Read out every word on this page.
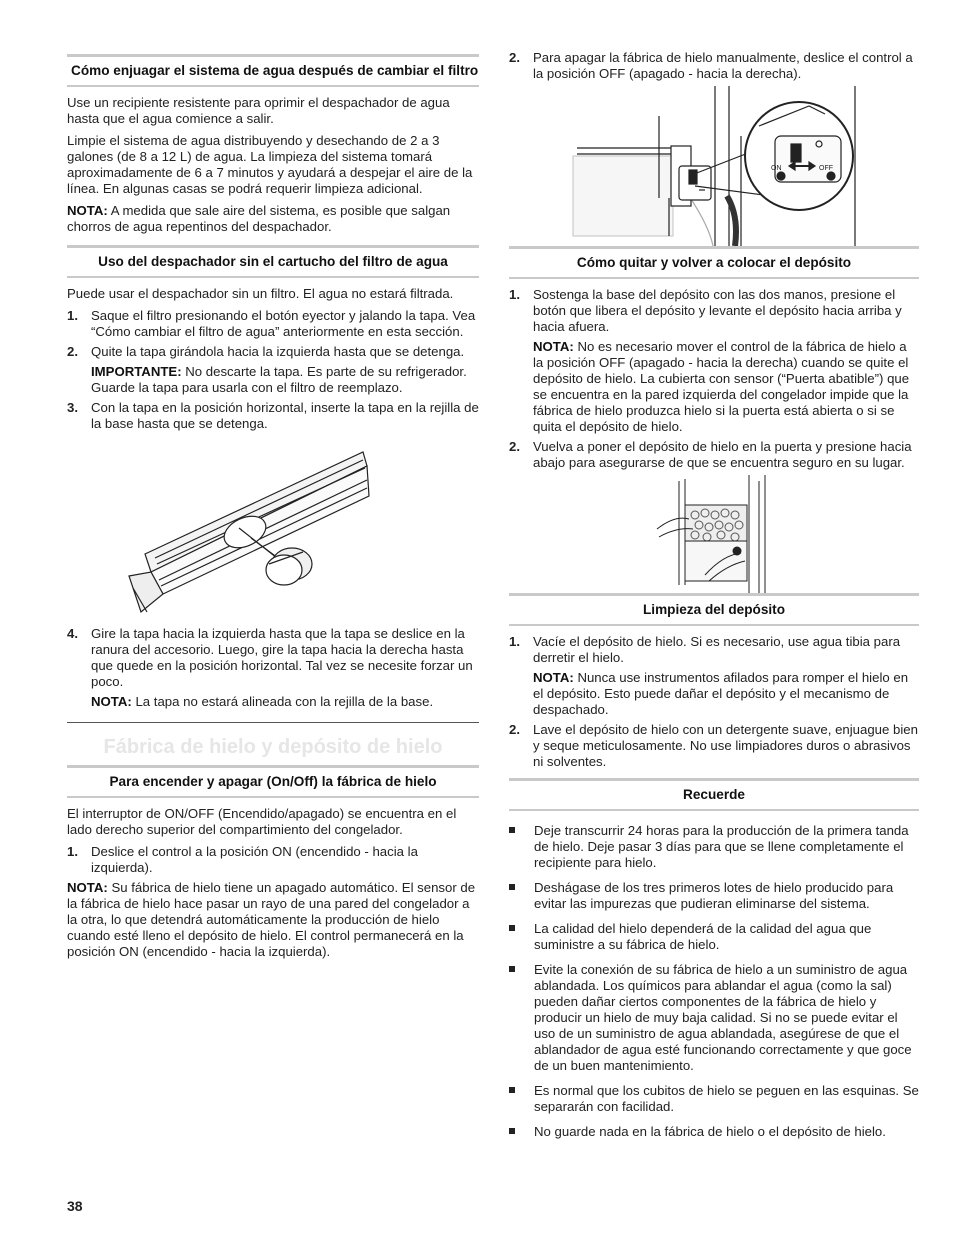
Cómo enjuagar el sistema de agua después de cambiar el filtro

Use un recipiente resistente para oprimir el despachador de agua hasta que el agua comience a salir.

Limpie el sistema de agua distribuyendo y desechando de 2 a 3 galones (de 8 a 12 L) de agua. La limpieza del sistema tomará aproximadamente de 6 a 7 minutos y ayudará a despejar el aire de la línea. En algunas casas se podrá requerir limpieza adicional.

NOTA: A medida que sale aire del sistema, es posible que salgan chorros de agua repentinos del despachador.

Uso del despachador sin el cartucho del filtro de agua

Puede usar el despachador sin un filtro. El agua no estará filtrada.

1. Saque el filtro presionando el botón eyector y jalando la tapa. Vea “Cómo cambiar el filtro de agua” anteriormente en esta sección.

2. Quite la tapa girándola hacia la izquierda hasta que se detenga.

IMPORTANTE: No descarte la tapa. Es parte de su refrigerador. Guarde la tapa para usarla con el filtro de reemplazo.

3. Con la tapa en la posición horizontal, inserte la tapa en la rejilla de la base hasta que se detenga.

4. Gire la tapa hacia la izquierda hasta que la tapa se deslice en la ranura del accesorio. Luego, gire la tapa hacia la derecha hasta que quede en la posición horizontal. Tal vez se necesite forzar un poco.

NOTA: La tapa no estará alineada con la rejilla de la base.

Fábrica de hielo y depósito de hielo
Para encender y apagar (On/Off) la fábrica de hielo

El interruptor de ON/OFF (Encendido/apagado) se encuentra en el lado derecho superior del compartimiento del congelador.

1. Deslice el control a la posición ON (encendido - hacia la izquierda).

NOTA: Su fábrica de hielo tiene un apagado automático. El sensor de la fábrica de hielo hace pasar un rayo de una pared del congelador a la otra, lo que detendrá automáticamente la producción de hielo cuando esté lleno el depósito de hielo. El control permanecerá en la posición ON (encendido - hacia la izquierda).

2. Para apagar la fábrica de hielo manualmente, deslice el control a la posición OFF (apagado - hacia la derecha).

ON	OFF
Cómo quitar y volver a colocar el depósito
1. Sostenga la base del depósito con las dos manos, presione el botón que libera el depósito y levante el depósito hacia arriba y hacia afuera.

NOTA: No es necesario mover el control de la fábrica de hielo a la posición OFF (apagado - hacia la derecha) cuando se quite el depósito de hielo. La cubierta con sensor (“Puerta abatible”) que se encuentra en la pared izquierda del congelador impide que la fábrica de hielo produzca hielo si la puerta está abierta o si se quita el depósito de hielo.

2. Vuelva a poner el depósito de hielo en la puerta y presione hacia abajo para asegurarse de que se encuentra seguro en su lugar.

Limpieza del depósito
1. Vacíe el depósito de hielo. Si es necesario, use agua tibia para derretir el hielo.

NOTA: Nunca use instrumentos afilados para romper el hielo en el depósito. Esto puede dañar el depósito y el mecanismo de despachado.

2. Lave el depósito de hielo con un detergente suave, enjuague bien y seque meticulosamente. No use limpiadores duros o abrasivos ni solventes.

Recuerde

Deje transcurrir 24 horas para la producción de la primera tanda de hielo. Deje pasar 3 días para que se llene completamente el recipiente para hielo.

Deshágase de los tres primeros lotes de hielo producido para evitar las impurezas que pudieran eliminarse del sistema.

La calidad del hielo dependerá de la calidad del agua que suministre a su fábrica de hielo.

Evite la conexión de su fábrica de hielo a un suministro de agua ablandada. Los químicos para ablandar el agua (como la sal) pueden dañar ciertos componentes de la fábrica de hielo y producir un hielo de muy baja calidad. Si no se puede evitar el uso de un suministro de agua ablandada, asegúrese de que el ablandador de agua esté funcionando correctamente y que goce de un buen mantenimiento.

Es normal que los cubitos de hielo se peguen en las esquinas. Se separarán con facilidad.

No guarde nada en la fábrica de hielo o el depósito de hielo.

38
